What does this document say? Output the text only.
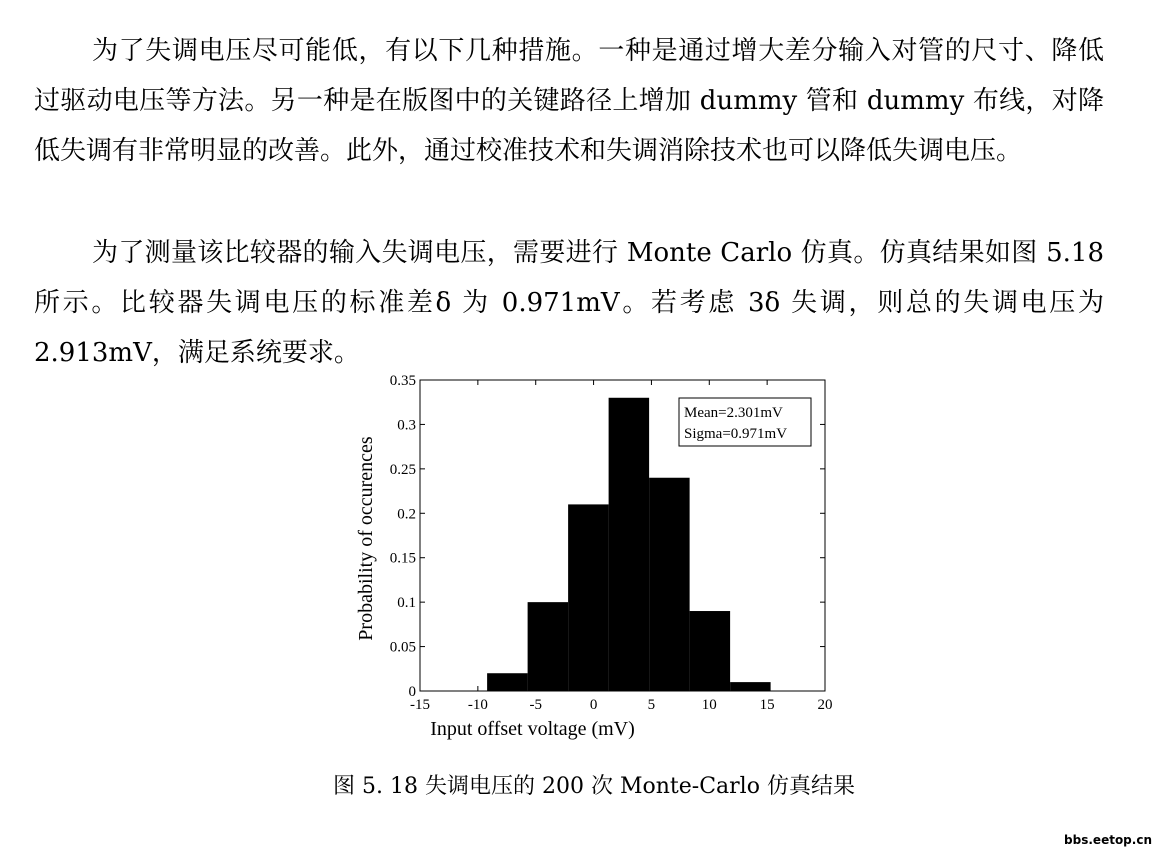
为了失调电压尽可能低，有以下几种措施。一种是通过增大差分输入对管的尺寸、降低过驱动电压等方法。另一种是在版图中的关键路径上增加 dummy 管和 dummy 布线，对降低失调有非常明显的改善。此外，通过校准技术和失调消除技术也可以降低失调电压。

为了测量该比较器的输入失调电压，需要进行 Monte Carlo 仿真。仿真结果如图 5.18 所示。比较器失调电压的标准差δ 为 0.971mV。若考虑 3δ 失调，则总的失调电压为 2.913mV，满足系统要求。

-15	-10	-5	0	5	10	15	20
0
0.05
0.1
0.15
0.2
0.25
0.3
0.35
Mean=2.301mV
Sigma=0.971mV
Input offset voltage (mV)
Probability of occurences
图 5. 18 失调电压的 200 次 Monte-Carlo 仿真结果
bbs.eetop.cn
